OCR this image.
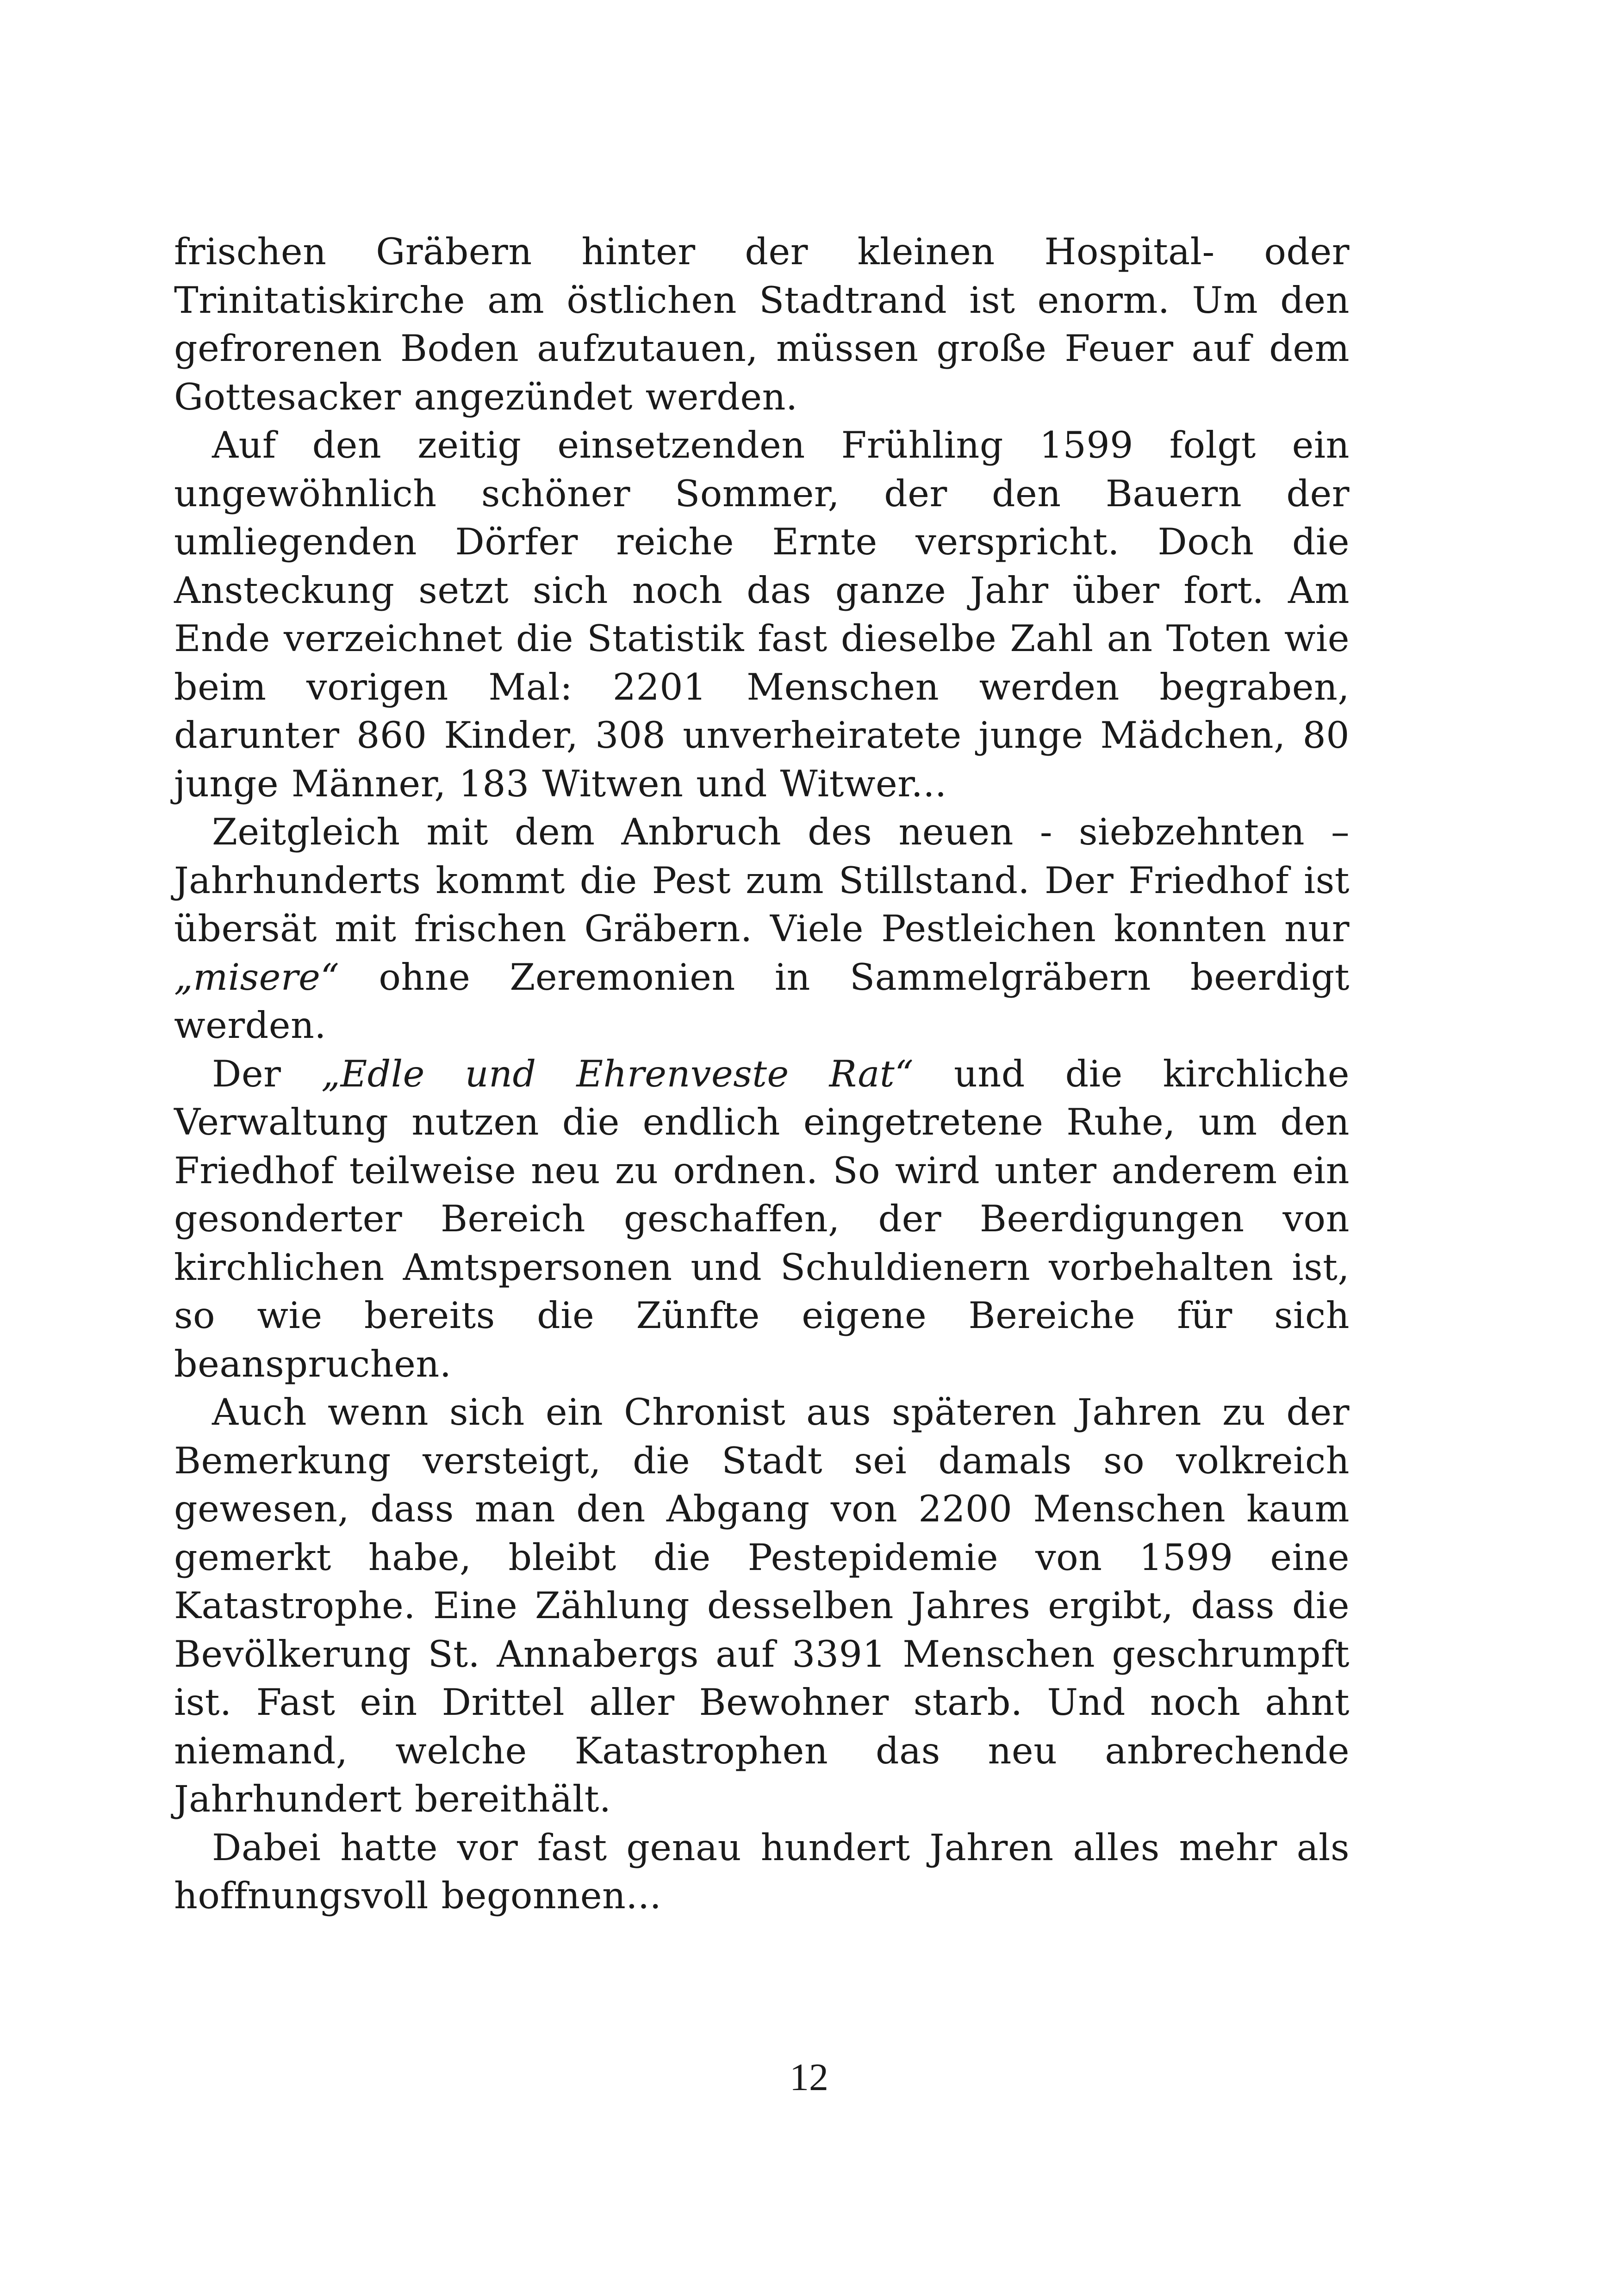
frischen Gräbern hinter der kleinen Hospital- oder Trinitatiskirche am östlichen Stadtrand ist enorm. Um den gefrorenen Boden aufzutauen, müssen große Feuer auf dem Gottesacker angezündet werden.

Auf den zeitig einsetzenden Frühling 1599 folgt ein ungewöhnlich schöner Sommer, der den Bauern der umliegenden Dörfer reiche Ernte verspricht. Doch die Ansteckung setzt sich noch das ganze Jahr über fort. Am Ende verzeichnet die Statistik fast dieselbe Zahl an Toten wie beim vorigen Mal: 2201 Menschen werden begraben, darunter 860 Kinder, 308 unverheiratete junge Mädchen, 80 junge Männer, 183 Witwen und Witwer...

Zeitgleich mit dem Anbruch des neuen - siebzehnten – Jahrhunderts kommt die Pest zum Stillstand. Der Friedhof ist übersät mit frischen Gräbern. Viele Pestleichen konnten nur „misere“ ohne Zeremonien in Sammelgräbern beerdigt werden.

Der „Edle und Ehrenveste Rat“ und die kirchliche Verwaltung nutzen die endlich eingetretene Ruhe, um den Friedhof teilweise neu zu ordnen. So wird unter anderem ein gesonderter Bereich geschaffen, der Beerdigungen von kirchlichen Amtspersonen und Schuldienern vorbehalten ist, so wie bereits die Zünfte eigene Bereiche für sich beanspruchen.

Auch wenn sich ein Chronist aus späteren Jahren zu der Bemerkung versteigt, die Stadt sei damals so volkreich gewesen, dass man den Abgang von 2200 Menschen kaum gemerkt habe, bleibt die Pestepidemie von 1599 eine Katastrophe. Eine Zählung desselben Jahres ergibt, dass die Bevölkerung St. Annabergs auf 3391 Menschen geschrumpft ist. Fast ein Drittel aller Bewohner starb. Und noch ahnt niemand, welche Katastrophen das neu anbrechende Jahrhundert bereithält.

Dabei hatte vor fast genau hundert Jahren alles mehr als hoffnungsvoll begonnen...

12
